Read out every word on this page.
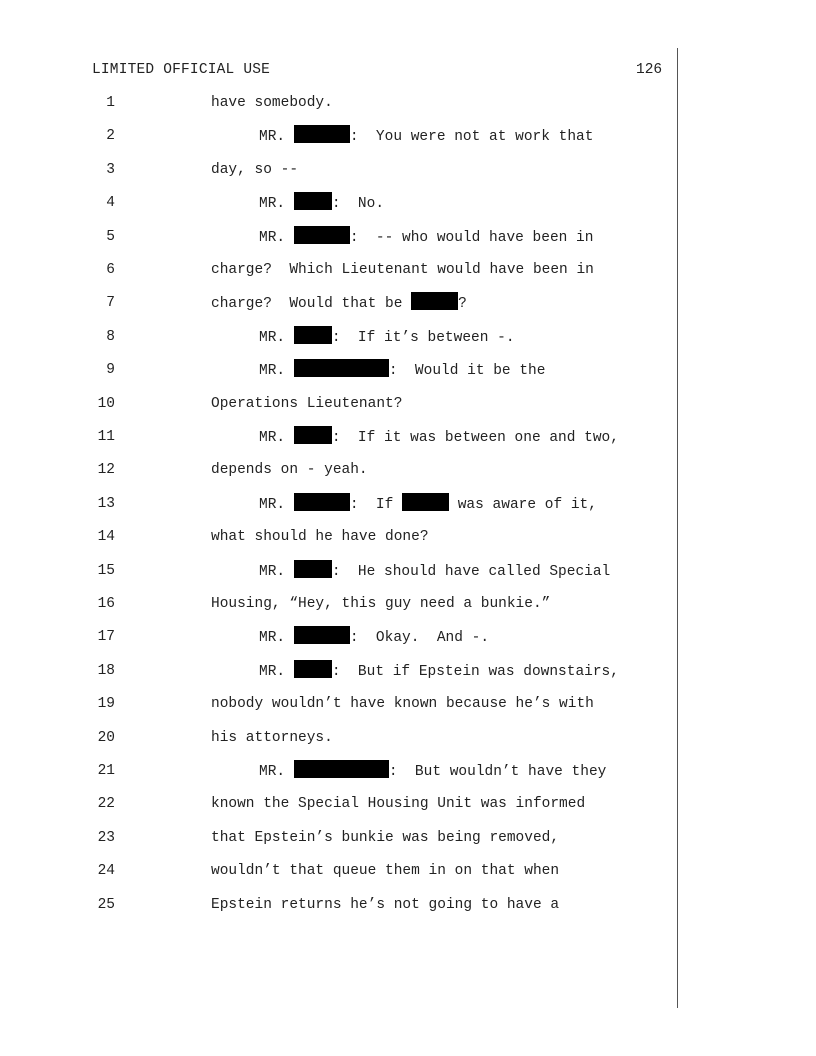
LIMITED OFFICIAL USE	126
1	have somebody.
2	MR.	:  You were not at work that
3	day, so --
4	MR.	:  No.
5	MR.	:  -- who would have been in
6	charge?  Which Lieutenant would have been in
7	charge?  Would that be	?
8	MR.	:  If it’s between -.
9	MR.	:  Would it be the
10	Operations Lieutenant?
11	MR.	:  If it was between one and two,
12	depends on - yeah.
13	MR.	:  If	was aware of it,
14	what should he have done?
15	MR.	:  He should have called Special
16	Housing, “Hey, this guy need a bunkie.”
17	MR.	:  Okay.  And -.
18	MR.	:  But if Epstein was downstairs,
19	nobody wouldn’t have known because he’s with
20	his attorneys.
21	MR.	:  But wouldn’t have they
22	known the Special Housing Unit was informed
23	that Epstein’s bunkie was being removed,
24	wouldn’t that queue them in on that when
25	Epstein returns he’s not going to have a
